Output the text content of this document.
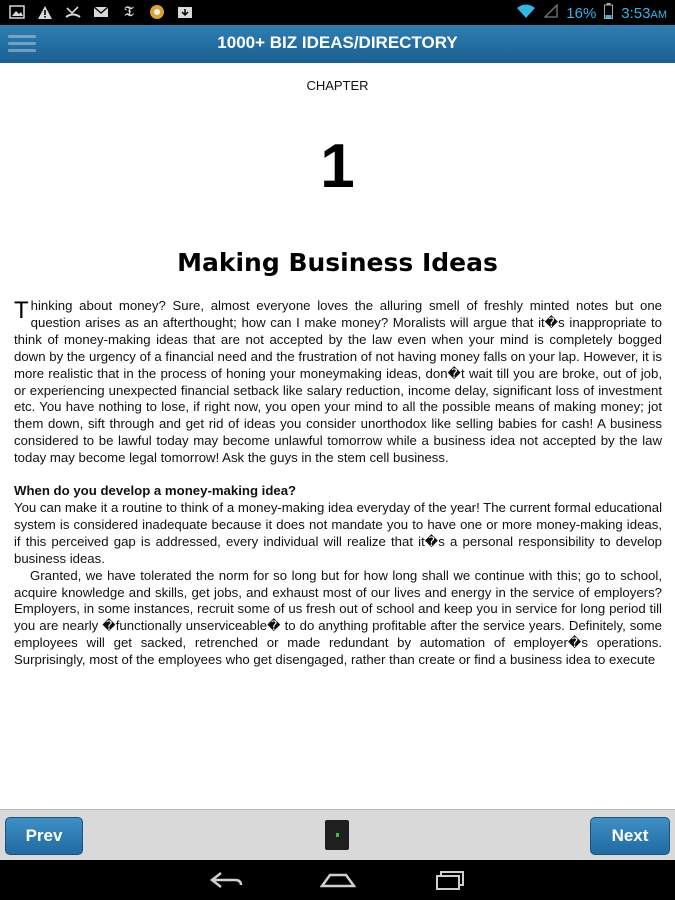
𝔗	16% 3:53AM
1000+ BIZ IDEAS/DIRECTORY
CHAPTER
1
Making Business Ideas

Thinking about money? Sure, almost everyone loves the alluring smell of freshly minted notes but one question arises as an afterthought; how can I make money? Moralists will argue that it�s inappropriate to think of money-making ideas that are not accepted by the law even when your mind is completely bogged down by the urgency of a financial need and the frustration of not having money falls on your lap. However, it is more realistic that in the process of honing your moneymaking ideas, don�t wait till you are broke, out of job, or experiencing unexpected financial setback like salary reduction, income delay, significant loss of investment etc. You have nothing to lose, if right now, you open your mind to all the possible means of making money; jot them down, sift through and get rid of ideas you consider unorthodox like selling babies for cash! A business considered to be lawful today may become unlawful tomorrow while a business idea not accepted by the law today may become legal tomorrow! Ask the guys in the stem cell business.

When do you develop a money-making idea?

You can make it a routine to think of a money-making idea everyday of the year! The current formal educational system is considered inadequate because it does not mandate you to have one or more money-making ideas, if this perceived gap is addressed, every individual will realize that it�s a personal responsibility to develop business ideas.

Granted, we have tolerated the norm for so long but for how long shall we continue with this; go to school, acquire knowledge and skills, get jobs, and exhaust most of our lives and energy in the service of employers? Employers, in some instances, recruit some of us fresh out of school and keep you in service for long period till you are nearly �functionally unserviceable� to do anything profitable after the service years. Definitely, some employees will get sacked, retrenched or made redundant by automation of employer�s operations. Surprisingly, most of the employees who get disengaged, rather than create or find a business idea to execute

Prev	Next
